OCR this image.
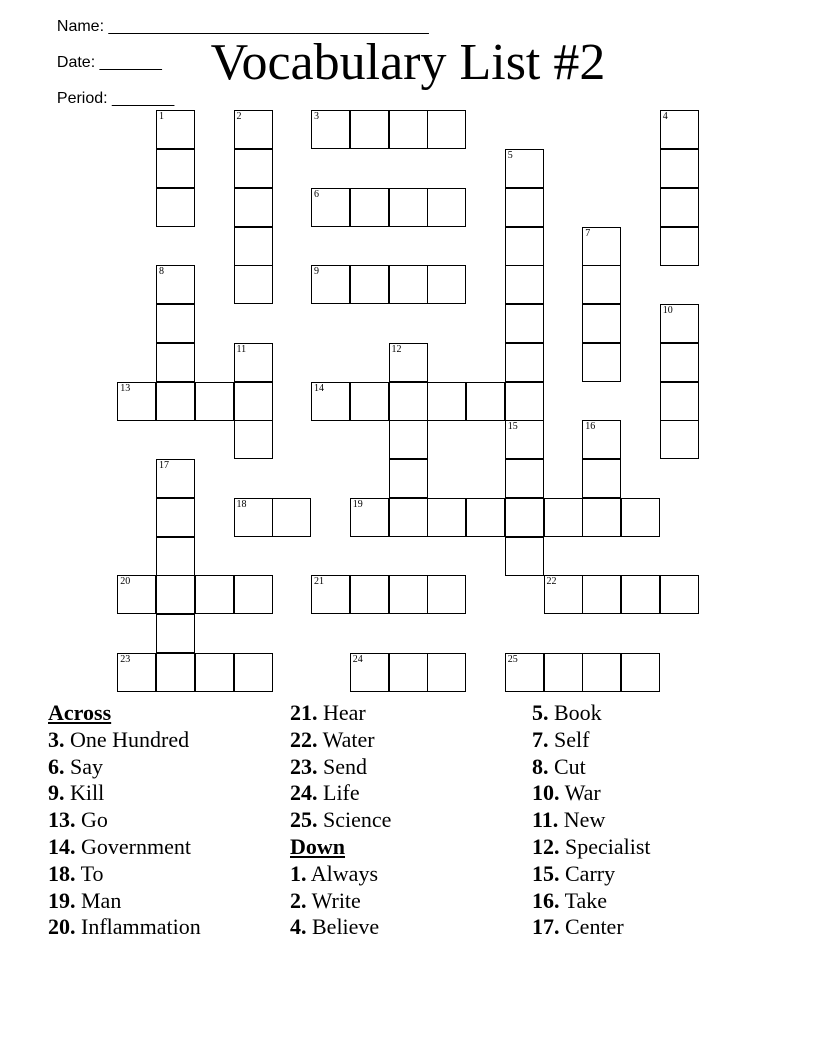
Name: ____________________________________

Date: _______

Period: _______

Vocabulary List #2
1	2	3	4
5
6
7
8	9
10
11	12
13	14
15	16
17
18	19
20	21	22
23	24	25
Across
3. One Hundred
6. Say
9. Kill
13. Go
14. Government
18. To
19. Man
20. Inflammation
21. Hear
22. Water
23. Send
24. Life
25. Science
Down
1. Always
2. Write
4. Believe
5. Book
7. Self
8. Cut
10. War
11. New
12. Specialist
15. Carry
16. Take
17. Center
